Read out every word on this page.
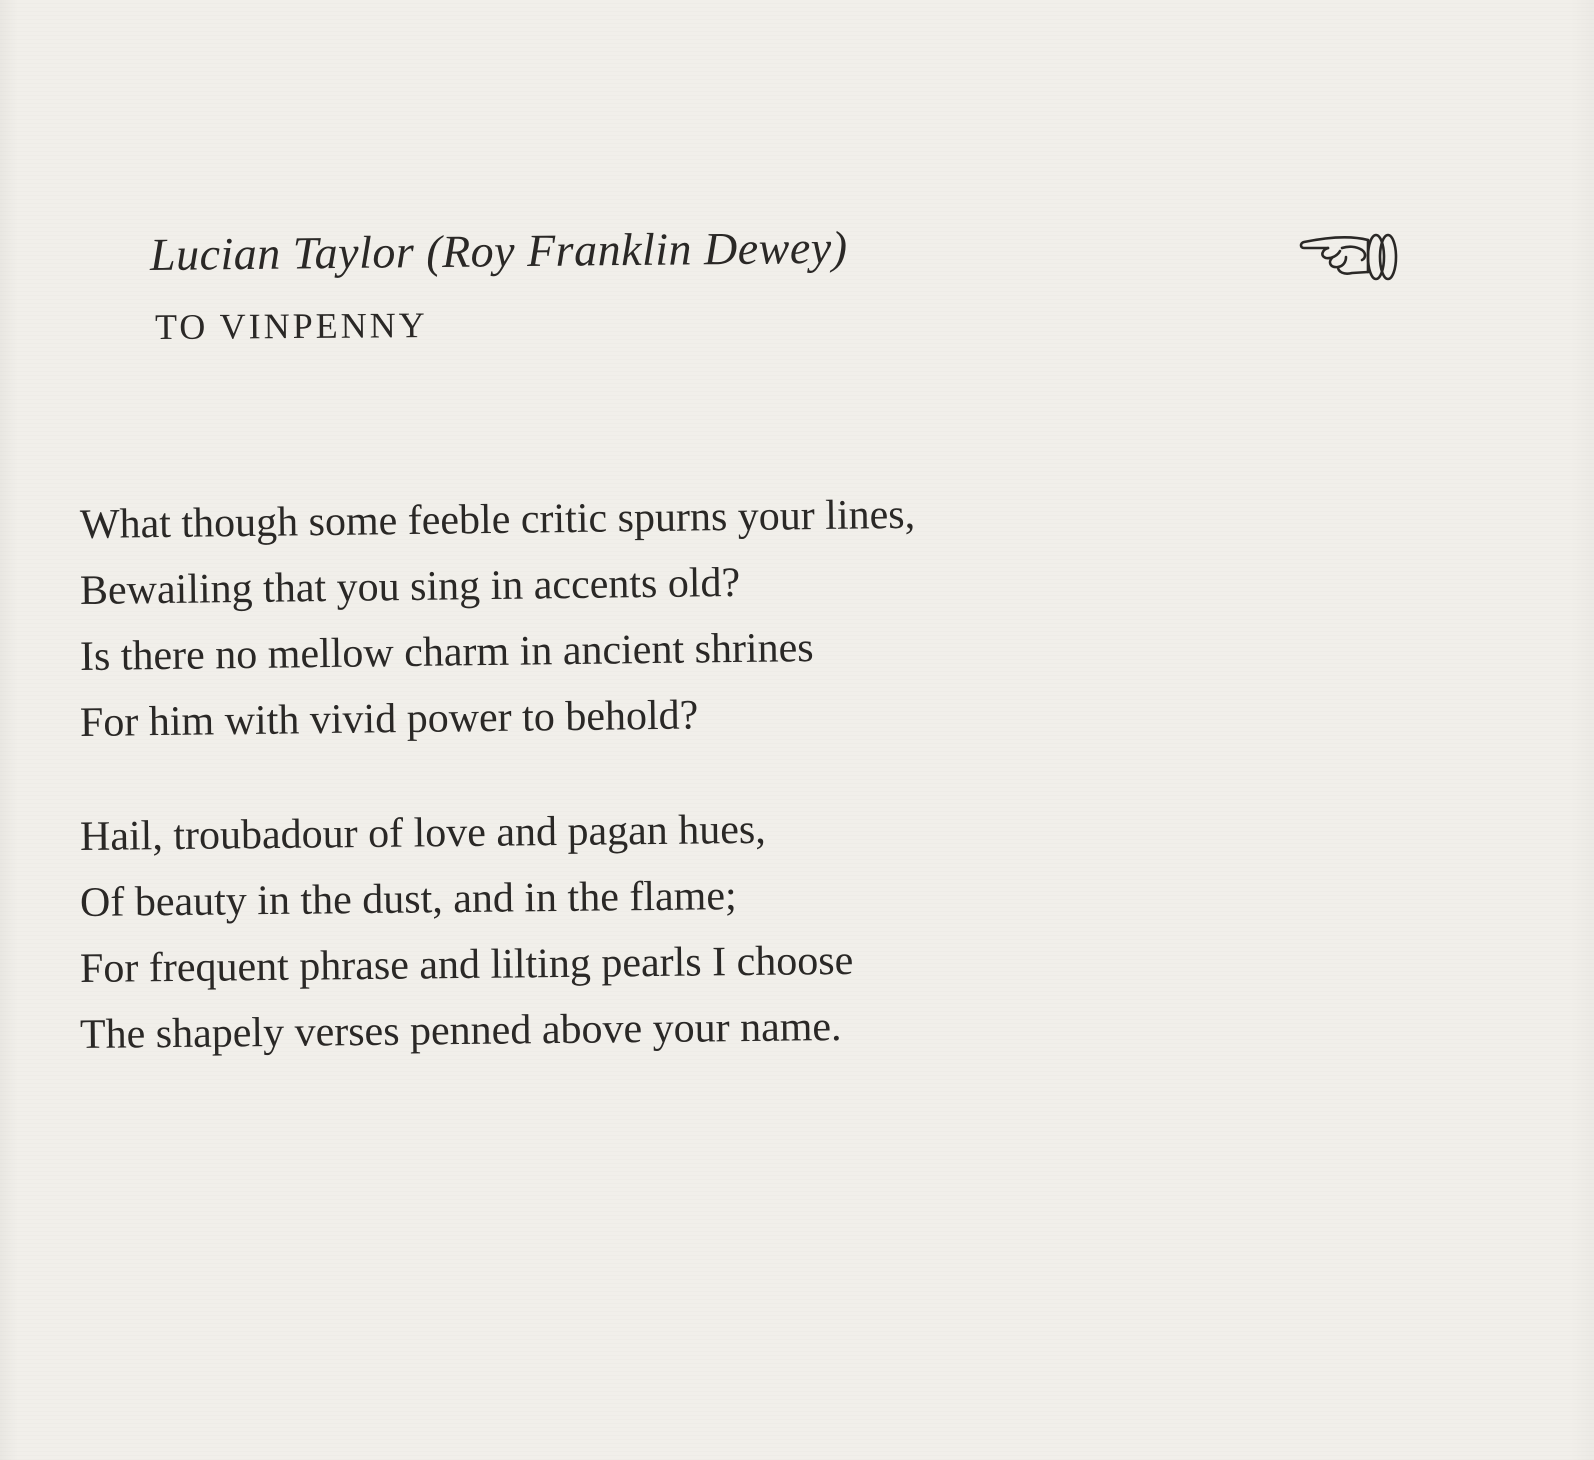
Lucian Taylor (Roy Franklin Dewey)
TO VINPENNY
What though some feeble critic spurns your lines,
Bewailing that you sing in accents old?
Is there no mellow charm in ancient shrines
For him with vivid power to behold?
Hail, troubadour of love and pagan hues,
Of beauty in the dust, and in the flame;
For frequent phrase and lilting pearls I choose
The shapely verses penned above your name.
